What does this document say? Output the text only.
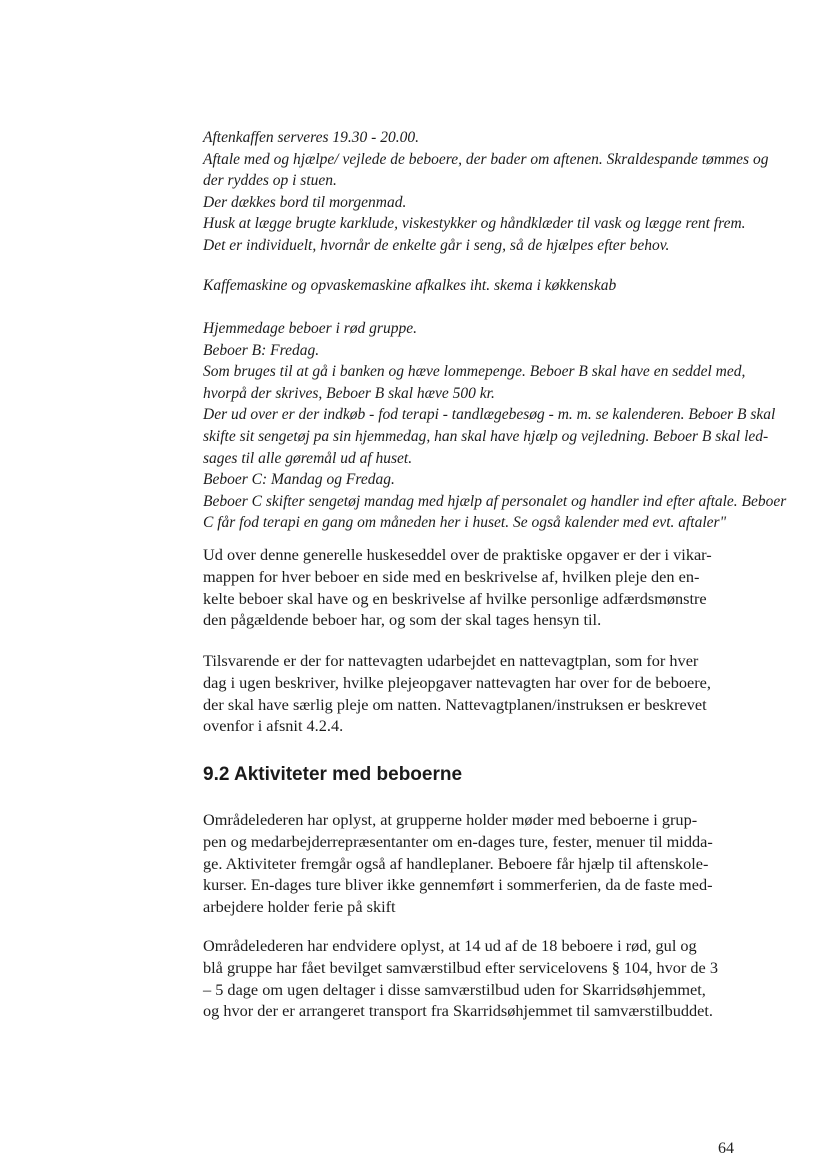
Aftenkaffen serveres 19.30 - 20.00.
Aftale med og hjælpe/ vejlede de beboere, der bader om aftenen. Skraldespande tømmes og
der ryddes op i stuen.
Der dækkes bord til morgenmad.
Husk at lægge brugte karklude, viskestykker og håndklæder til vask og lægge rent frem.
Det er individuelt, hvornår de enkelte går i seng, så de hjælpes efter behov.
Kaffemaskine og opvaskemaskine afkalkes iht. skema i køkkenskab
Hjemmedage beboer i rød gruppe.
Beboer B: Fredag.
Som bruges til at gå i banken og hæve lommepenge. Beboer B skal have en seddel med,
hvorpå der skrives, Beboer B skal hæve 500 kr.
Der ud over er der indkøb - fod terapi - tandlægebesøg - m. m. se kalenderen. Beboer B skal
skifte sit sengetøj pa sin hjemmedag, han skal have hjælp og vejledning. Beboer B skal led-
sages til alle gøremål ud af huset.
Beboer C: Mandag og Fredag.
Beboer C skifter sengetøj mandag med hjælp af personalet og handler ind efter aftale. Beboer
C får fod terapi en gang om måneden her i huset. Se også kalender med evt. aftaler"
Ud over denne generelle huskeseddel over de praktiske opgaver er der i vikar-
mappen for hver beboer en side med en beskrivelse af, hvilken pleje den en-
kelte beboer skal have og en beskrivelse af hvilke personlige adfærdsmønstre
den pågældende beboer har, og som der skal tages hensyn til.
Tilsvarende er der for nattevagten udarbejdet en nattevagtplan, som for hver
dag i ugen beskriver, hvilke plejeopgaver nattevagten har over for de beboere,
der skal have særlig pleje om natten. Nattevagtplanen/instruksen er beskrevet
ovenfor i afsnit 4.2.4.
9.2 Aktiviteter med beboerne
Områdelederen har oplyst, at grupperne holder møder med beboerne i grup-
pen og medarbejderrepræsentanter om en-dages ture, fester, menuer til midda-
ge. Aktiviteter fremgår også af handleplaner. Beboere får hjælp til aftenskole-
kurser. En-dages ture bliver ikke gennemført i sommerferien, da de faste med-
arbejdere holder ferie på skift
Områdelederen har endvidere oplyst, at 14 ud af de 18 beboere i rød, gul og
blå gruppe har fået bevilget samværstilbud efter servicelovens § 104, hvor de 3
– 5 dage om ugen deltager i disse samværstilbud uden for Skarridsøhjemmet,
og hvor der er arrangeret transport fra Skarridsøhjemmet til samværstilbuddet.
64
